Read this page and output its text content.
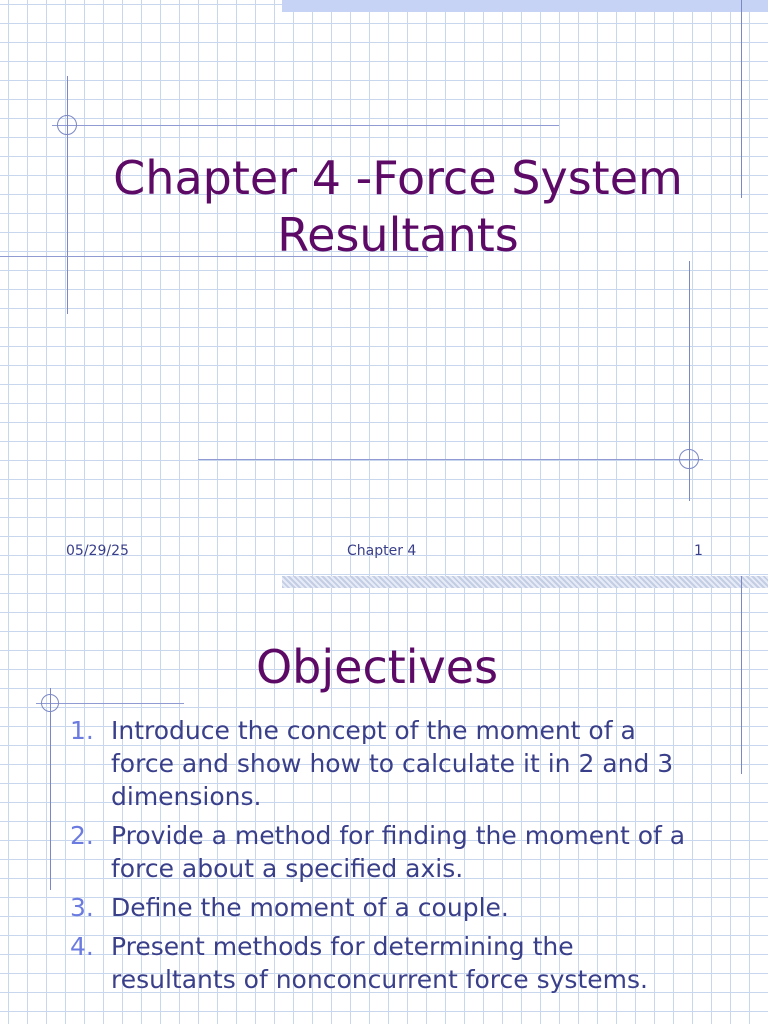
Chapter 4 -Force System Resultants
05/29/25	Chapter 4	1
Objectives
1. Introduce the concept of the moment of a force and show how to calculate it in 2 and 3 dimensions.
2. Provide a method for finding the moment of a force about a specified axis.
3. Define the moment of a couple.
4. Present methods for determining the resultants of nonconcurrent force systems.
